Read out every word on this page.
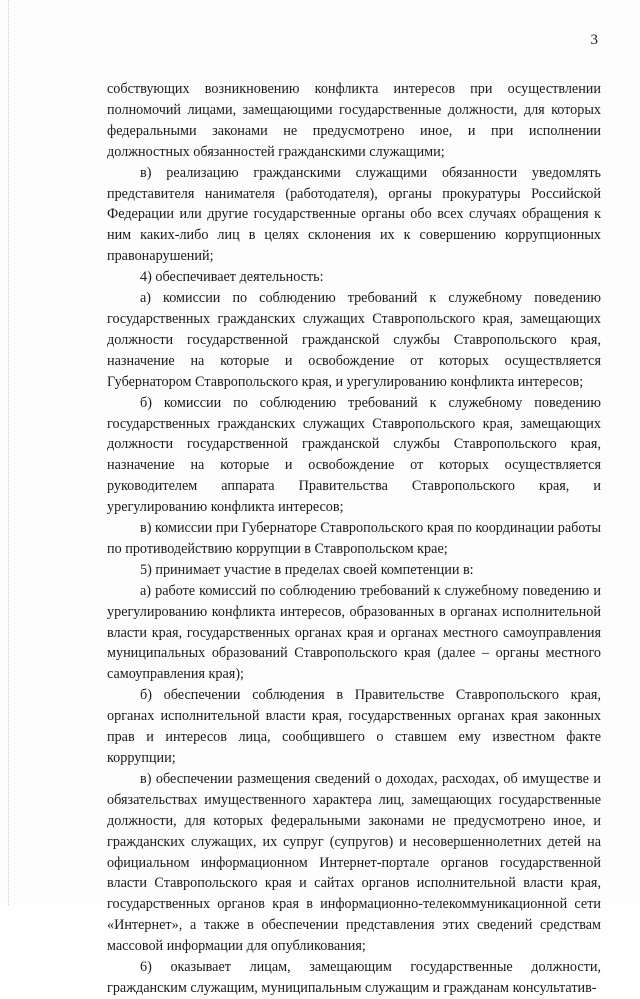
3

собствующих возникновению конфликта интересов при осуществлении полномочий лицами, замещающими государственные должности, для которых федеральными законами не предусмотрено иное, и при исполнении должностных обязанностей гражданскими служащими;

в) реализацию гражданскими служащими обязанности уведомлять представителя нанимателя (работодателя), органы прокуратуры Российской Федерации или другие государственные органы обо всех случаях обращения к ним каких-либо лиц в целях склонения их к совершению коррупционных правонарушений;

4) обеспечивает деятельность:

а) комиссии по соблюдению требований к служебному поведению государственных гражданских служащих Ставропольского края, замещающих должности государственной гражданской службы Ставропольского края, назначение на которые и освобождение от которых осуществляется Губернатором Ставропольского края, и урегулированию конфликта интересов;

б) комиссии по соблюдению требований к служебному поведению государственных гражданских служащих Ставропольского края, замещающих должности государственной гражданской службы Ставропольского края, назначение на которые и освобождение от которых осуществляется руководителем аппарата Правительства Ставропольского края, и урегулированию конфликта интересов;

в) комиссии при Губернаторе Ставропольского края по координации работы по противодействию коррупции в Ставропольском крае;

5) принимает участие в пределах своей компетенции в:

а) работе комиссий по соблюдению требований к служебному поведению и урегулированию конфликта интересов, образованных в органах исполнительной власти края, государственных органах края и органах местного самоуправления муниципальных образований Ставропольского края (далее – органы местного самоуправления края);

б) обеспечении соблюдения в Правительстве Ставропольского края, органах исполнительной власти края, государственных органах края законных прав и интересов лица, сообщившего о ставшем ему известном факте коррупции;

в) обеспечении размещения сведений о доходах, расходах, об имуществе и обязательствах имущественного характера лиц, замещающих государственные должности, для которых федеральными законами не предусмотрено иное, и гражданских служащих, их супруг (супругов) и несовершеннолетних детей на официальном информационном Интернет-портале органов государственной власти Ставропольского края и сайтах органов исполнительной власти края, государственных органов края в информационно-телекоммуникационной сети «Интернет», а также в обеспечении представления этих сведений средствам массовой информации для опубликования;

6) оказывает лицам, замещающим государственные должности, гражданским служащим, муниципальным служащим и гражданам консультатив-
